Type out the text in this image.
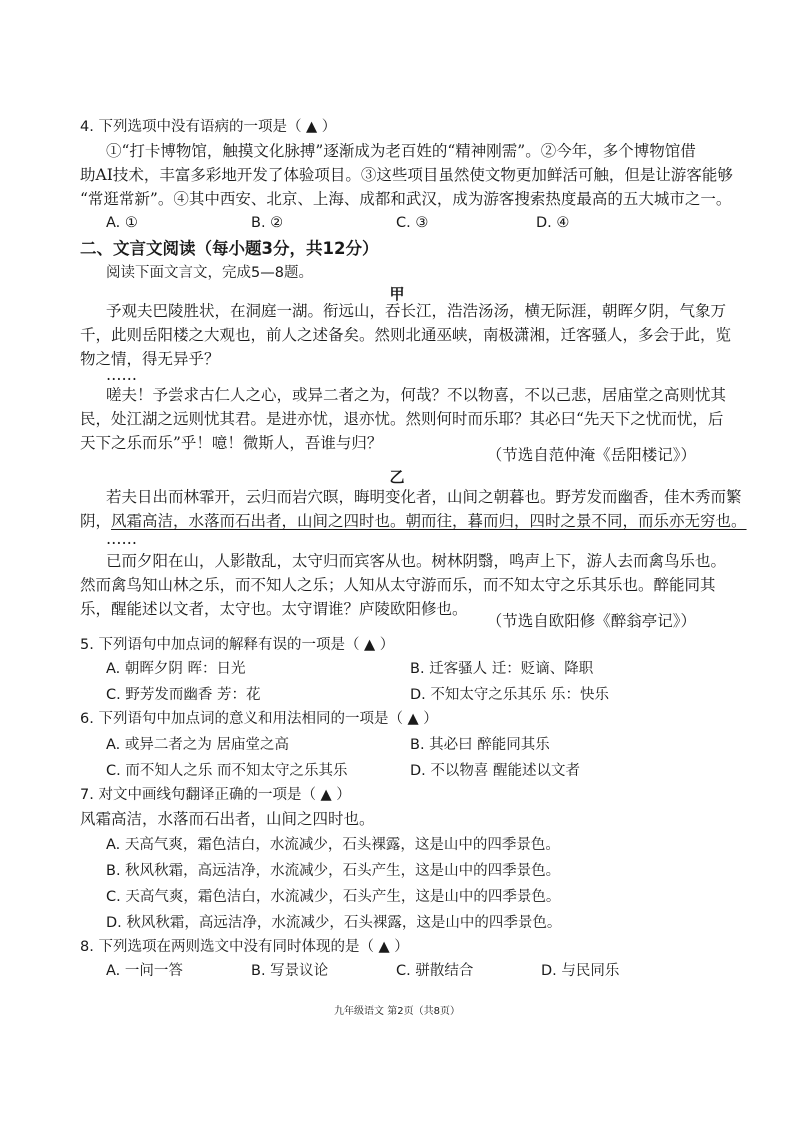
4. 下列选项中没有语病的一项是（ ▲ ）
①“打卡博物馆，触摸文化脉搏”逐渐成为老百姓的“精神刚需”。②今年，多个博物馆借
助AI技术，丰富多彩地开发了体验项目。③这些项目虽然使文物更加鲜活可触，但是让游客能够
“常逛常新”。④其中西安、北京、上海、成都和武汉，成为游客搜索热度最高的五大城市之一。
A. ①	B. ②	C. ③	D. ④
二、文言文阅读（每小题3分，共12分）
阅读下面文言文，完成5—8题。
甲
予观夫巴陵胜状，在洞庭一湖。衔远山，吞长江，浩浩汤汤，横无际涯，朝晖夕阴，气象万
千，此则岳阳楼之大观也，前人之述备矣。然则北通巫峡，南极潇湘，迁客骚人，多会于此，览
物之情，得无异乎？
……
嗟夫！予尝求古仁人之心，或异二者之为，何哉？不以物喜，不以己悲，居庙堂之高则忧其
民，处江湖之远则忧其君。是进亦忧，退亦忧。然则何时而乐耶？其必曰“先天下之忧而忧，后
天下之乐而乐”乎！噫！微斯人，吾谁与归？
（节选自范仲淹《岳阳楼记》）
乙
若夫日出而林霏开，云归而岩穴暝，晦明变化者，山间之朝暮也。野芳发而幽香，佳木秀而繁
阴，风霜高洁，水落而石出者，山间之四时也。朝而往，暮而归，四时之景不同，而乐亦无穷也。
……
已而夕阳在山，人影散乱，太守归而宾客从也。树林阴翳，鸣声上下，游人去而禽鸟乐也。
然而禽鸟知山林之乐，而不知人之乐；人知从太守游而乐，而不知太守之乐其乐也。醉能同其
乐，醒能述以文者，太守也。太守谓谁？庐陵欧阳修也。
（节选自欧阳修《醉翁亭记》）
5. 下列语句中加点词的解释有误的一项是（ ▲ ）
A. 朝晖夕阴 晖：日光	B. 迁客骚人 迁：贬谪、降职
C. 野芳发而幽香 芳：花	D. 不知太守之乐其乐 乐：快乐
6. 下列语句中加点词的意义和用法相同的一项是（ ▲ ）
A. 或异二者之为 居庙堂之高	B. 其必曰 醉能同其乐
C. 而不知人之乐 而不知太守之乐其乐	D. 不以物喜 醒能述以文者
7. 对文中画线句翻译正确的一项是（ ▲ ）
风霜高洁，水落而石出者，山间之四时也。
A. 天高气爽，霜色洁白，水流减少，石头裸露，这是山中的四季景色。
B. 秋风秋霜，高远洁净，水流减少，石头产生，这是山中的四季景色。
C. 天高气爽，霜色洁白，水流减少，石头产生，这是山中的四季景色。
D. 秋风秋霜，高远洁净，水流减少，石头裸露，这是山中的四季景色。
8. 下列选项在两则选文中没有同时体现的是（ ▲ ）
A. 一问一答	B. 写景议论	C. 骈散结合	D. 与民同乐
九年级语文 第2页（共8页）
